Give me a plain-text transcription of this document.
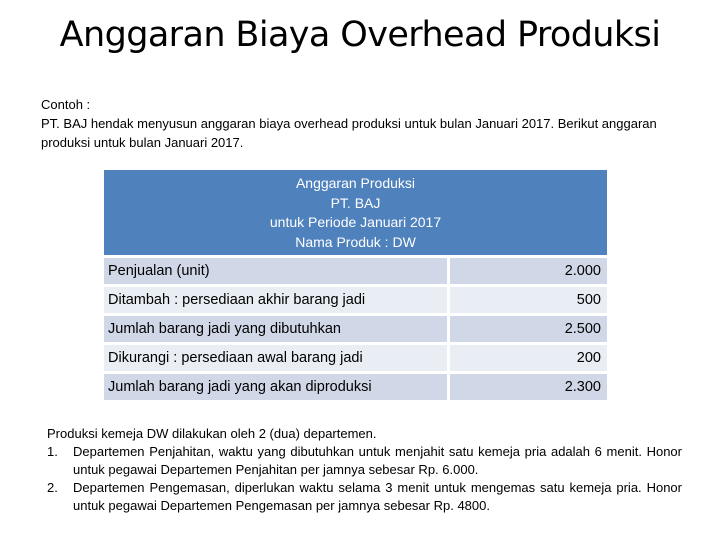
Anggaran Biaya Overhead Produksi

Contoh :

PT. BAJ hendak menyusun anggaran biaya overhead produksi untuk bulan Januari 2017. Berikut anggaran produksi untuk bulan Januari 2017.

Anggaran Produksi
PT. BAJ
untuk Periode Januari 2017
Nama Produk : DW
Penjualan (unit)	2.000
Ditambah : persediaan akhir barang jadi	500
Jumlah barang jadi yang dibutuhkan	2.500
Dikurangi : persediaan awal barang jadi	200
Jumlah barang jadi yang akan diproduksi	2.300

Produksi kemeja DW dilakukan oleh 2 (dua) departemen.

1.	Departemen Penjahitan, waktu yang dibutuhkan untuk menjahit satu kemeja pria adalah 6 menit. Honor untuk pegawai Departemen Penjahitan per jamnya sebesar Rp. 6.000.
2.	Departemen Pengemasan, diperlukan waktu selama 3 menit untuk mengemas satu kemeja pria. Honor untuk pegawai Departemen Pengemasan per jamnya sebesar Rp. 4800.
